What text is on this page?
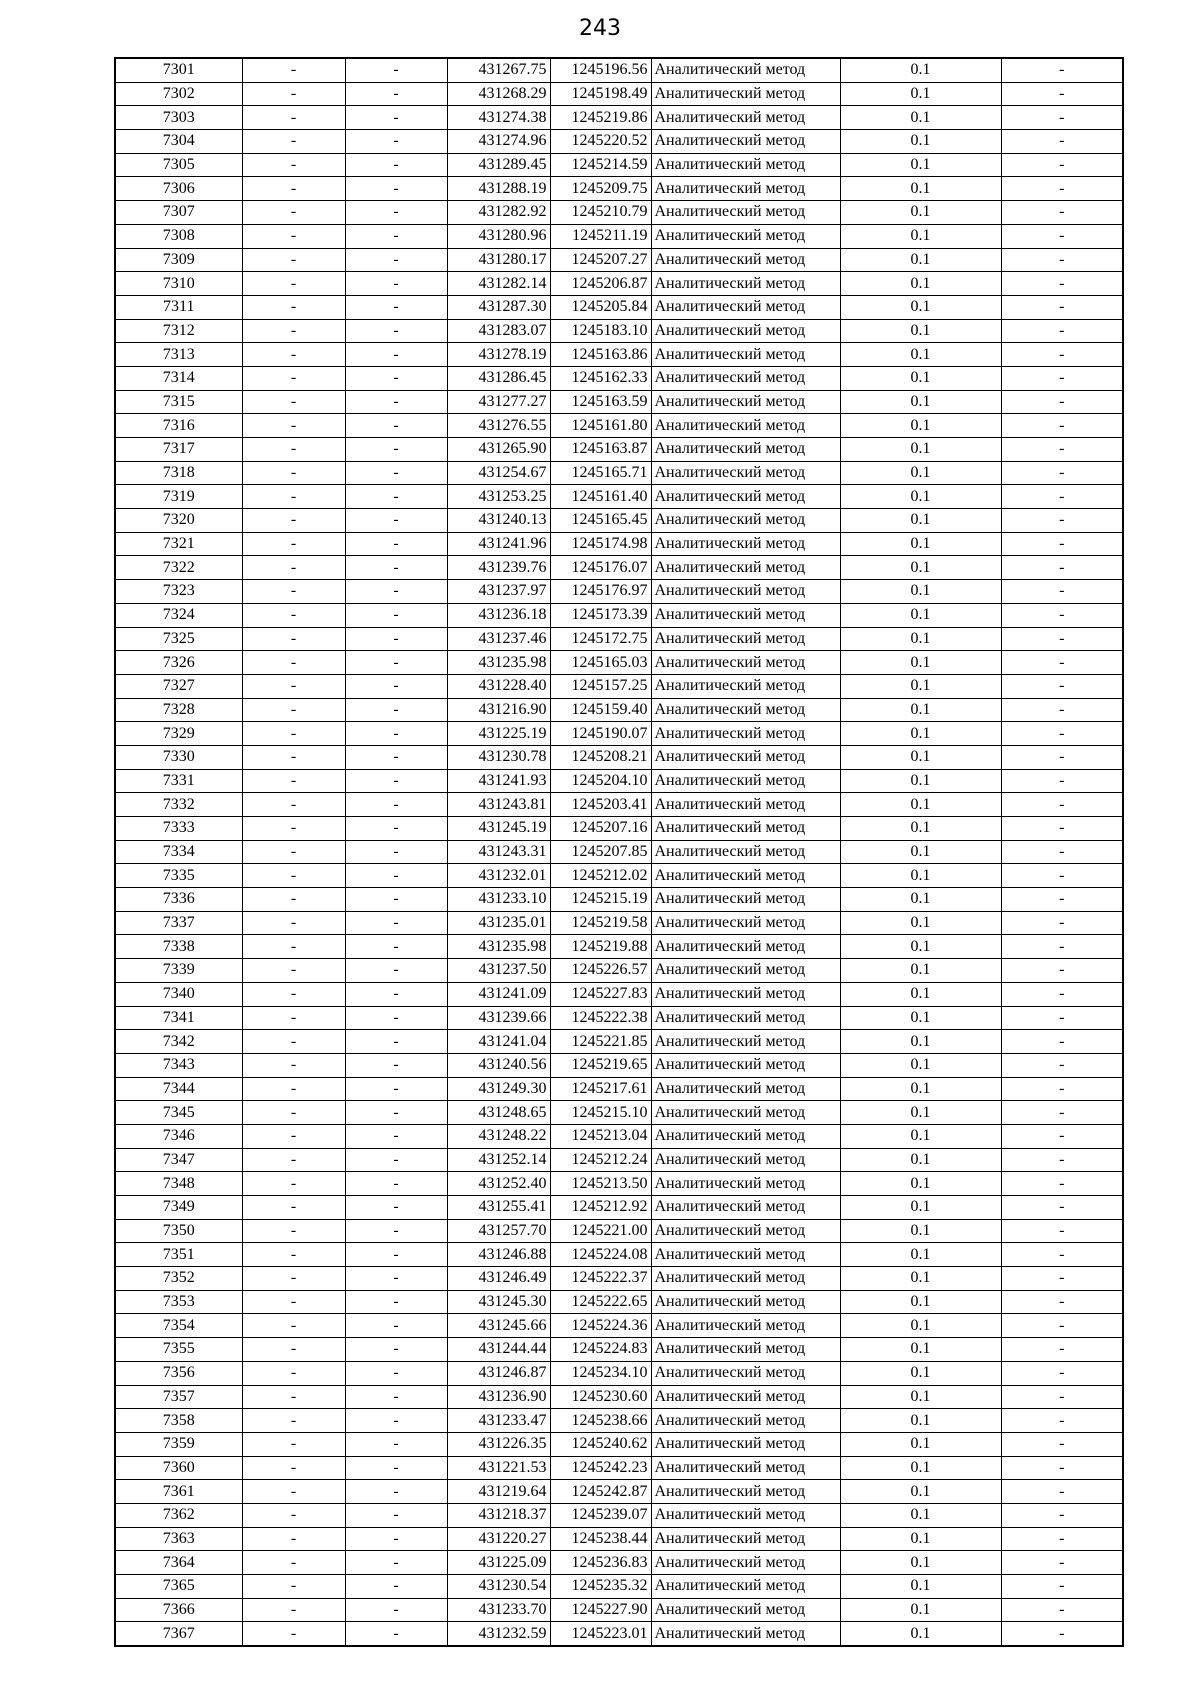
243
7301	-	-	431267.75	1245196.56	Аналитический метод	0.1	-
7302	-	-	431268.29	1245198.49	Аналитический метод	0.1	-
7303	-	-	431274.38	1245219.86	Аналитический метод	0.1	-
7304	-	-	431274.96	1245220.52	Аналитический метод	0.1	-
7305	-	-	431289.45	1245214.59	Аналитический метод	0.1	-
7306	-	-	431288.19	1245209.75	Аналитический метод	0.1	-
7307	-	-	431282.92	1245210.79	Аналитический метод	0.1	-
7308	-	-	431280.96	1245211.19	Аналитический метод	0.1	-
7309	-	-	431280.17	1245207.27	Аналитический метод	0.1	-
7310	-	-	431282.14	1245206.87	Аналитический метод	0.1	-
7311	-	-	431287.30	1245205.84	Аналитический метод	0.1	-
7312	-	-	431283.07	1245183.10	Аналитический метод	0.1	-
7313	-	-	431278.19	1245163.86	Аналитический метод	0.1	-
7314	-	-	431286.45	1245162.33	Аналитический метод	0.1	-
7315	-	-	431277.27	1245163.59	Аналитический метод	0.1	-
7316	-	-	431276.55	1245161.80	Аналитический метод	0.1	-
7317	-	-	431265.90	1245163.87	Аналитический метод	0.1	-
7318	-	-	431254.67	1245165.71	Аналитический метод	0.1	-
7319	-	-	431253.25	1245161.40	Аналитический метод	0.1	-
7320	-	-	431240.13	1245165.45	Аналитический метод	0.1	-
7321	-	-	431241.96	1245174.98	Аналитический метод	0.1	-
7322	-	-	431239.76	1245176.07	Аналитический метод	0.1	-
7323	-	-	431237.97	1245176.97	Аналитический метод	0.1	-
7324	-	-	431236.18	1245173.39	Аналитический метод	0.1	-
7325	-	-	431237.46	1245172.75	Аналитический метод	0.1	-
7326	-	-	431235.98	1245165.03	Аналитический метод	0.1	-
7327	-	-	431228.40	1245157.25	Аналитический метод	0.1	-
7328	-	-	431216.90	1245159.40	Аналитический метод	0.1	-
7329	-	-	431225.19	1245190.07	Аналитический метод	0.1	-
7330	-	-	431230.78	1245208.21	Аналитический метод	0.1	-
7331	-	-	431241.93	1245204.10	Аналитический метод	0.1	-
7332	-	-	431243.81	1245203.41	Аналитический метод	0.1	-
7333	-	-	431245.19	1245207.16	Аналитический метод	0.1	-
7334	-	-	431243.31	1245207.85	Аналитический метод	0.1	-
7335	-	-	431232.01	1245212.02	Аналитический метод	0.1	-
7336	-	-	431233.10	1245215.19	Аналитический метод	0.1	-
7337	-	-	431235.01	1245219.58	Аналитический метод	0.1	-
7338	-	-	431235.98	1245219.88	Аналитический метод	0.1	-
7339	-	-	431237.50	1245226.57	Аналитический метод	0.1	-
7340	-	-	431241.09	1245227.83	Аналитический метод	0.1	-
7341	-	-	431239.66	1245222.38	Аналитический метод	0.1	-
7342	-	-	431241.04	1245221.85	Аналитический метод	0.1	-
7343	-	-	431240.56	1245219.65	Аналитический метод	0.1	-
7344	-	-	431249.30	1245217.61	Аналитический метод	0.1	-
7345	-	-	431248.65	1245215.10	Аналитический метод	0.1	-
7346	-	-	431248.22	1245213.04	Аналитический метод	0.1	-
7347	-	-	431252.14	1245212.24	Аналитический метод	0.1	-
7348	-	-	431252.40	1245213.50	Аналитический метод	0.1	-
7349	-	-	431255.41	1245212.92	Аналитический метод	0.1	-
7350	-	-	431257.70	1245221.00	Аналитический метод	0.1	-
7351	-	-	431246.88	1245224.08	Аналитический метод	0.1	-
7352	-	-	431246.49	1245222.37	Аналитический метод	0.1	-
7353	-	-	431245.30	1245222.65	Аналитический метод	0.1	-
7354	-	-	431245.66	1245224.36	Аналитический метод	0.1	-
7355	-	-	431244.44	1245224.83	Аналитический метод	0.1	-
7356	-	-	431246.87	1245234.10	Аналитический метод	0.1	-
7357	-	-	431236.90	1245230.60	Аналитический метод	0.1	-
7358	-	-	431233.47	1245238.66	Аналитический метод	0.1	-
7359	-	-	431226.35	1245240.62	Аналитический метод	0.1	-
7360	-	-	431221.53	1245242.23	Аналитический метод	0.1	-
7361	-	-	431219.64	1245242.87	Аналитический метод	0.1	-
7362	-	-	431218.37	1245239.07	Аналитический метод	0.1	-
7363	-	-	431220.27	1245238.44	Аналитический метод	0.1	-
7364	-	-	431225.09	1245236.83	Аналитический метод	0.1	-
7365	-	-	431230.54	1245235.32	Аналитический метод	0.1	-
7366	-	-	431233.70	1245227.90	Аналитический метод	0.1	-
7367	-	-	431232.59	1245223.01	Аналитический метод	0.1	-
